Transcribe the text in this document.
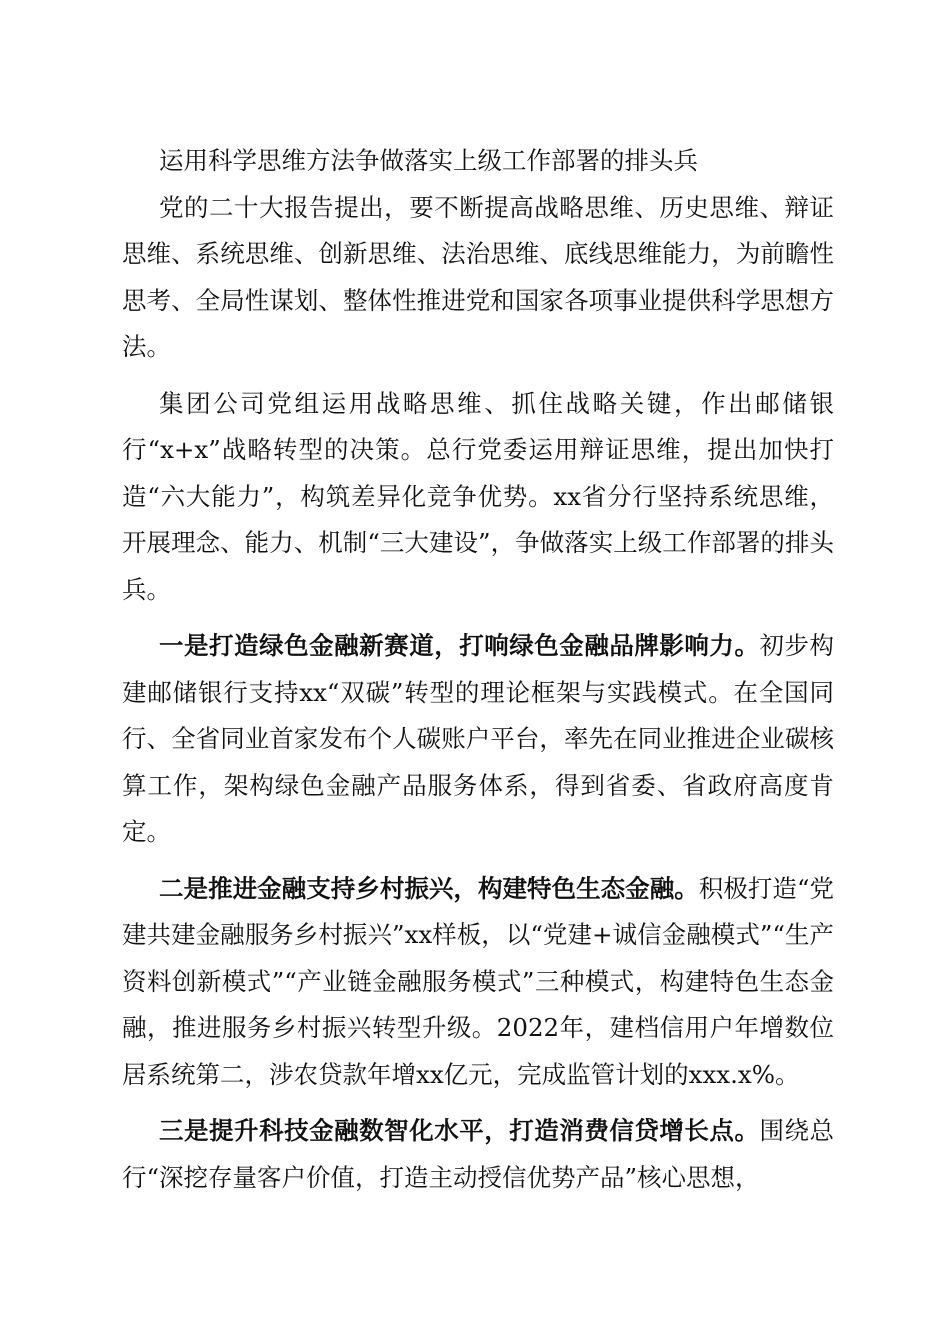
运用科学思维方法争做落实上级工作部署的排头兵

党的二十大报告提出，要不断提高战略思维、历史思维、辩证思维、系统思维、创新思维、法治思维、底线思维能力，为前瞻性思考、全局性谋划、整体性推进党和国家各项事业提供科学思想方法。

集团公司党组运用战略思维、抓住战略关键，作出邮储银行“x+x”战略转型的决策。总行党委运用辩证思维，提出加快打造“六大能力”，构筑差异化竞争优势。xx省分行坚持系统思维，开展理念、能力、机制“三大建设”，争做落实上级工作部署的排头兵。

一是打造绿色金融新赛道，打响绿色金融品牌影响力。初步构建邮储银行支持xx“双碳”转型的理论框架与实践模式。在全国同行、全省同业首家发布个人碳账户平台，率先在同业推进企业碳核算工作，架构绿色金融产品服务体系，得到省委、省政府高度肯定。

二是推进金融支持乡村振兴，构建特色生态金融。积极打造“党建共建金融服务乡村振兴”xx样板，以“党建+诚信金融模式”“生产资料创新模式”“产业链金融服务模式”三种模式，构建特色生态金融，推进服务乡村振兴转型升级。2022年，建档信用户年增数位居系统第二，涉农贷款年增xx亿元，完成监管计划的xxx.x%。

三是提升科技金融数智化水平，打造消费信贷增长点。围绕总行“深挖存量客户价值，打造主动授信优势产品”核心思想，
